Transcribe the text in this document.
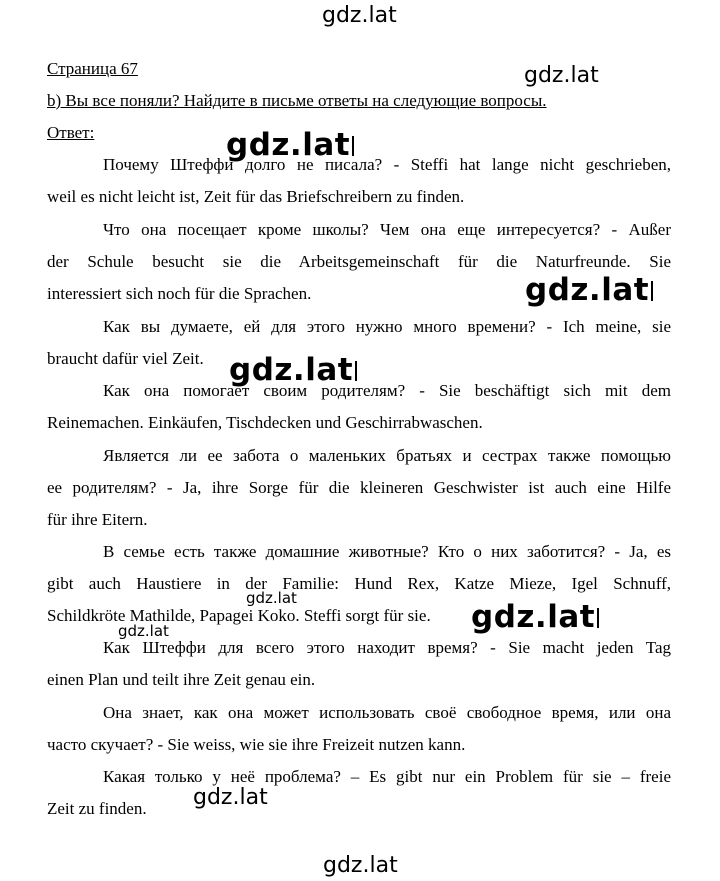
gdz.lat
gdz.lat
gdz.lat
gdz.lat
gdz.lat
gdz.lat
gdz.lat
gdz.lat
gdz.lat
gdz.lat
Страница 67
b) Вы все поняли? Найдите в письме ответы на следующие вопросы.
Ответ:
Почему Штеффи долго не писала? - Steffi hat lange nicht geschrieben,
weil es nicht leicht ist, Zeit für das Briefschreibern zu finden.
Что она посещает кроме школы? Чем она еще интересуется? - Außer
der Schule besucht sie die Arbeitsgemeinschaft für die Naturfreunde. Sie
interessiert sich noch für die Sprachen.
Как вы думаете, ей для этого нужно много времени? - Ich meine, sie
braucht dafür viel Zeit.
Как она помогает своим родителям? - Sie beschäftigt sich mit dem
Reinemachen. Einkäufen, Tischdecken und Geschirrabwaschen.
Является ли ее забота о маленьких братьях и сестрах также помощью
ее родителям? - Ja, ihre Sorge für die kleineren Geschwister ist auch eine Hilfe
für ihre Eitern.
В семье есть также домашние животные? Кто о них заботится? - Ja, es
gibt auch Haustiere in der Familie: Hund Rex, Katze Mieze, Igel Schnuff,
Schildkröte Mathilde, Papagei Koko. Steffi sorgt für sie.
Как Штеффи для всего этого находит время? - Sie macht jeden Tag
einen Plan und teilt ihre Zeit genau ein.
Она знает, как она может использовать своё свободное время, или она
часто скучает? - Sie weiss, wie sie ihre Freizeit nutzen kann.
Какая только у неё проблема? – Es gibt nur ein Problem für sie – freie
Zeit zu finden.
